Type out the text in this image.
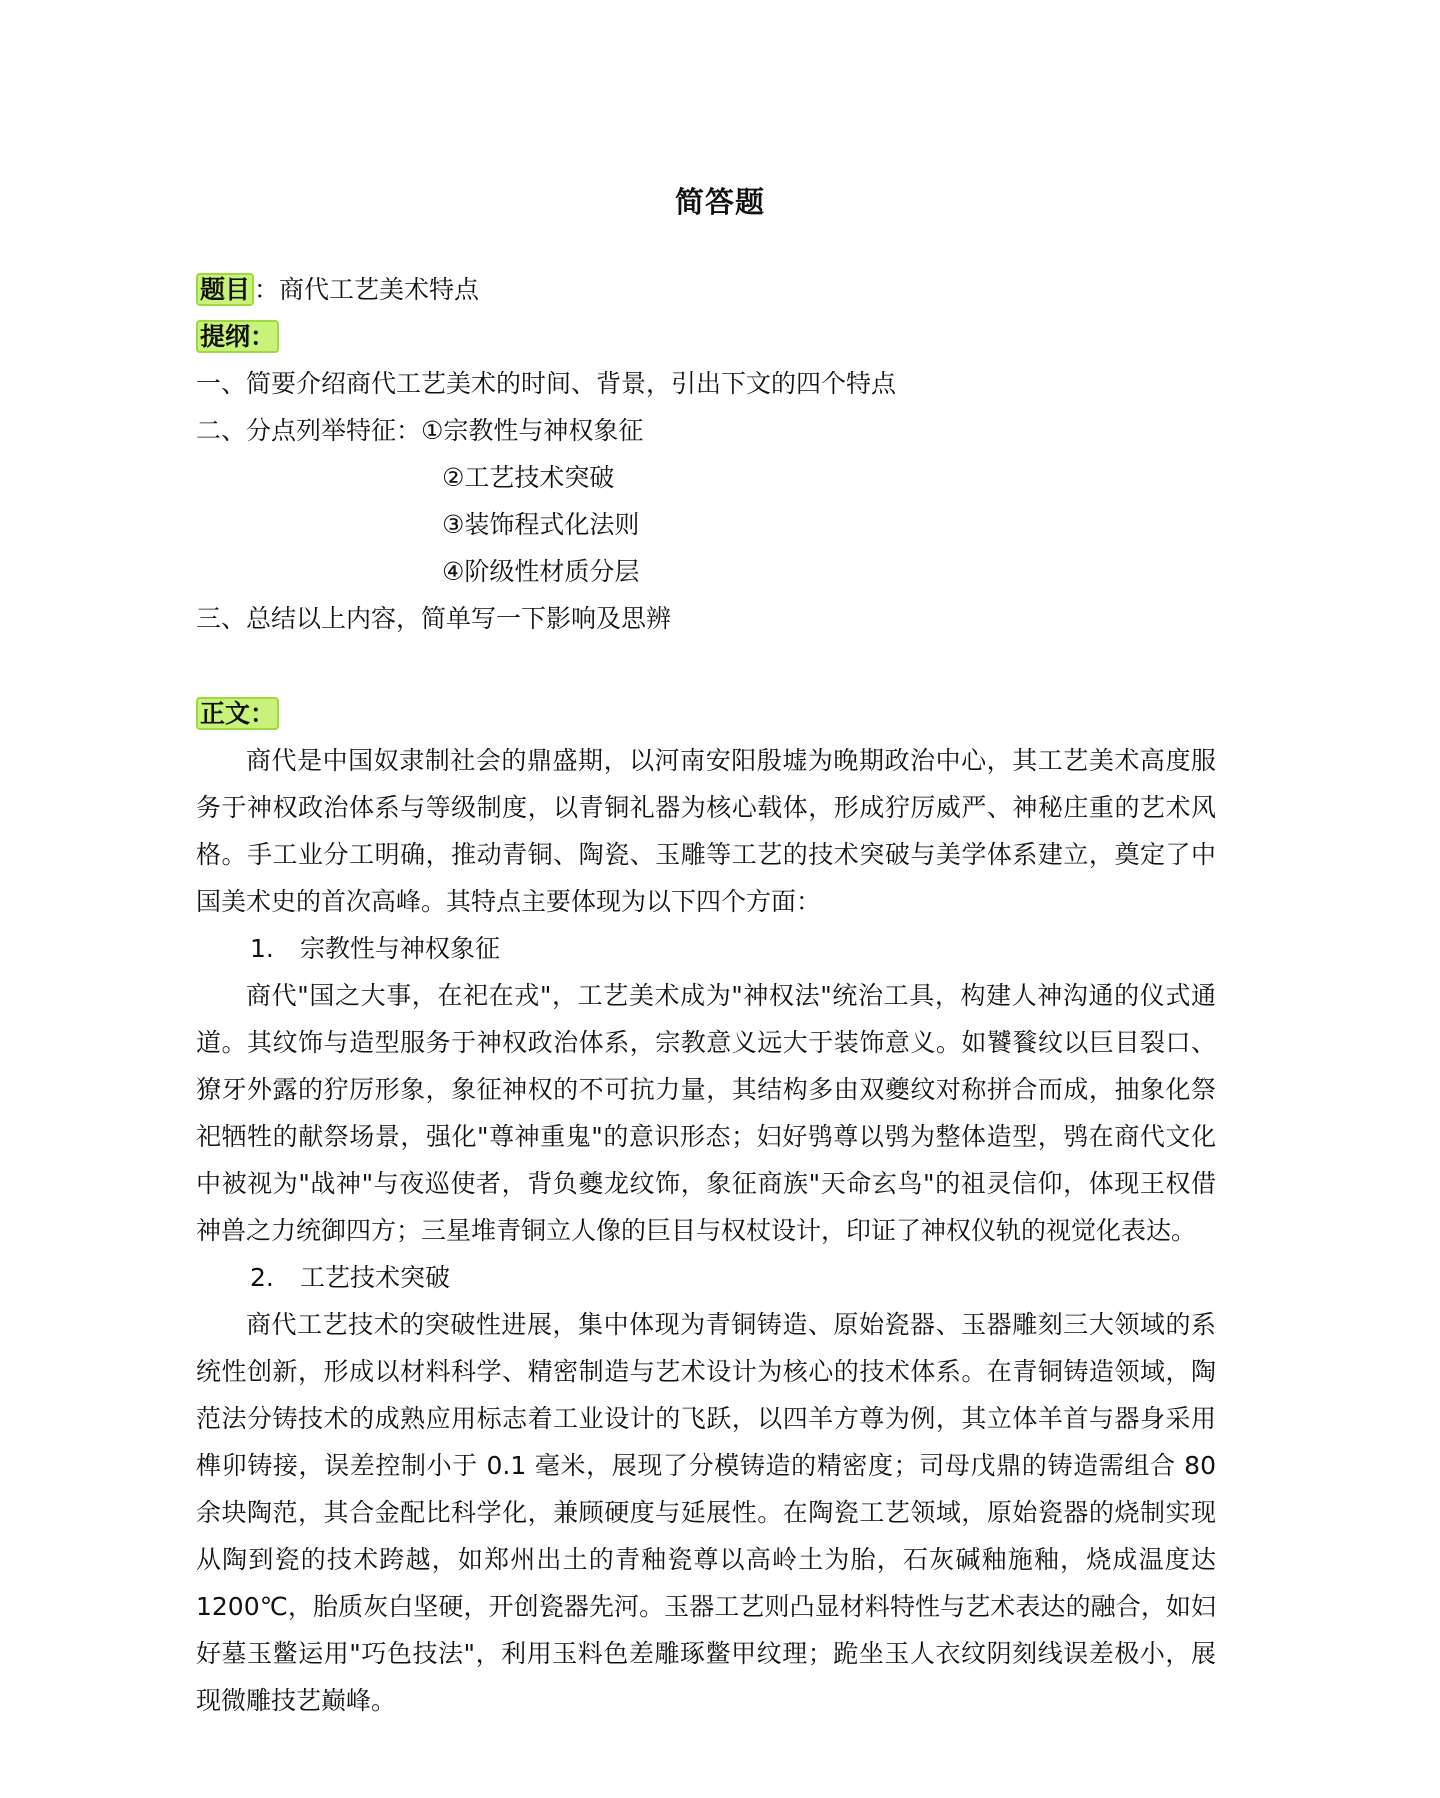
简答题
题目 ：商代工艺美术特点
提纲：
一、简要介绍商代工艺美术的时间、背景，引出下文的四个特点
二、分点列举特征：①宗教性与神权象征
②工艺技术突破
③装饰程式化法则
④阶级性材质分层
三、总结以上内容，简单写一下影响及思辨
正文：

商代是中国奴隶制社会的鼎盛期，以河南安阳殷墟为晚期政治中心，其工艺美术高度服务于神权政治体系与等级制度，以青铜礼器为核心载体，形成狞厉威严、神秘庄重的艺术风格。手工业分工明确，推动青铜、陶瓷、玉雕等工艺的技术突破与美学体系建立，奠定了中国美术史的首次高峰。其特点主要体现为以下四个方面：

1. 宗教性与神权象征

商代"国之大事，在祀在戎"，工艺美术成为"神权法"统治工具，构建人神沟通的仪式通道。其纹饰与造型服务于神权政治体系，宗教意义远大于装饰意义。如饕餮纹以巨目裂口、獠牙外露的狞厉形象，象征神权的不可抗力量，其结构多由双夔纹对称拼合而成，抽象化祭祀牺牲的献祭场景，强化"尊神重鬼"的意识形态；妇好鸮尊以鸮为整体造型，鸮在商代文化中被视为"战神"与夜巡使者，背负夔龙纹饰，象征商族"天命玄鸟"的祖灵信仰，体现王权借神兽之力统御四方；三星堆青铜立人像的巨目与权杖设计，印证了神权仪轨的视觉化表达。

2. 工艺技术突破

商代工艺技术的突破性进展，集中体现为青铜铸造、原始瓷器、玉器雕刻三大领域的系统性创新，形成以材料科学、精密制造与艺术设计为核心的技术体系。在青铜铸造领域，陶范法分铸技术的成熟应用标志着工业设计的飞跃，以四羊方尊为例，其立体羊首与器身采用榫卯铸接，误差控制小于 0.1 毫米，展现了分模铸造的精密度；司母戊鼎的铸造需组合 80 余块陶范，其合金配比科学化，兼顾硬度与延展性。在陶瓷工艺领域，原始瓷器的烧制实现从陶到瓷的技术跨越，如郑州出土的青釉瓷尊以高岭土为胎，石灰碱釉施釉，烧成温度达 1200℃，胎质灰白坚硬，开创瓷器先河。玉器工艺则凸显材料特性与艺术表达的融合，如妇好墓玉鳖运用"巧色技法"，利用玉料色差雕琢鳖甲纹理；跪坐玉人衣纹阴刻线误差极小，展现微雕技艺巅峰。
